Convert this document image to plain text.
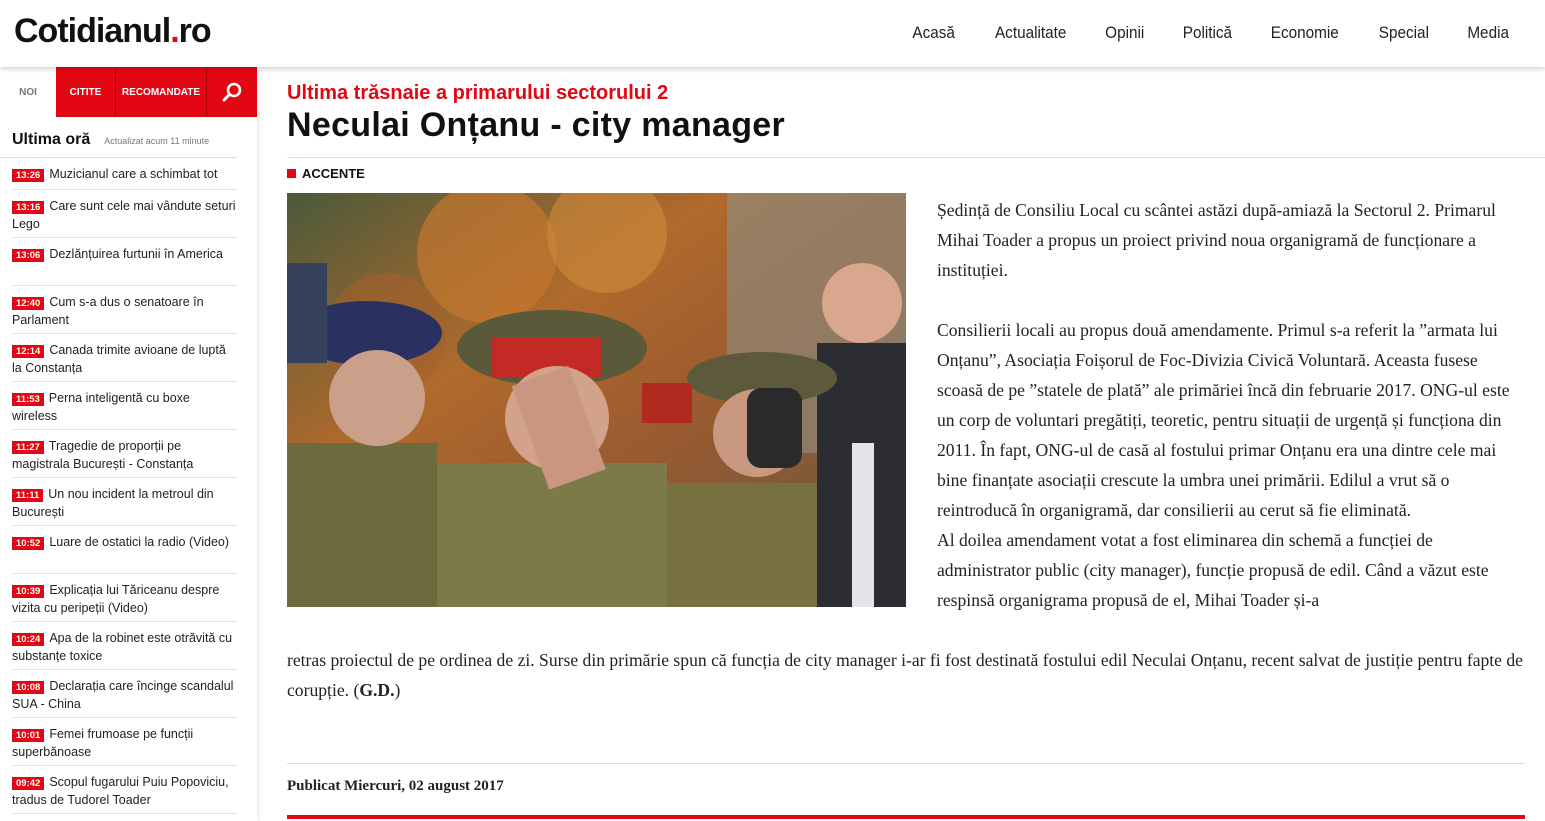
Cotidianul.ro	Acasă Actualitate Opinii Politică Economie Special Media
NOI	CITITE	RECOMANDATE
Ultima oră Actualizat acum 11 minute
13:26 Muzicianul care a schimbat tot
13:16 Care sunt cele mai vândute seturi Lego
13:06 Dezlănțuirea furtunii în America
12:40 Cum s-a dus o senatoare în Parlament
12:14 Canada trimite avioane de luptă la Constanța
11:53 Perna inteligentă cu boxe wireless
11:27 Tragedie de proporții pe magistrala București - Constanța
11:11 Un nou incident la metroul din București
10:52 Luare de ostatici la radio (Video)
10:39 Explicația lui Tăriceanu despre vizita cu peripeții (Video)
10:24 Apa de la robinet este otrăvită cu substanțe toxice
10:08 Declarația care încinge scandalul SUA - China
10:01 Femei frumoase pe funcții superbănoase
09:42 Scopul fugarului Puiu Popoviciu, tradus de Tudorel Toader
Ultima trăsnaie a primarului sectorului 2
Neculai Onțanu - city manager
ACCENTE

Ședință de Consiliu Local cu scântei astăzi după-amiază la Sectorul 2. Primarul Mihai Toader a propus un proiect privind noua organigramă de funcționare a instituției.

Consilierii locali au propus două amendamente. Primul s-a referit la ”armata lui Onțanu”, Asociația Foișorul de Foc-Divizia Civică Voluntară. Aceasta fusese scoasă de pe ”statele de plată” ale primăriei încă din februarie 2017. ONG-ul este un corp de voluntari pregătiți, teoretic, pentru situații de urgență și funcționa din 2011. În fapt, ONG-ul de casă al fostului primar Onțanu era una dintre cele mai bine finanțate asociații crescute la umbra unei primării. Edilul a vrut să o reintroducă în organigramă, dar consilierii au cerut să fie eliminată.

Al doilea amendament votat a fost eliminarea din schemă a funcției de administrator public (city manager), funcție propusă de edil. Când a văzut este respinsă organigrama propusă de el, Mihai Toader și-a

retras proiectul de pe ordinea de zi. Surse din primărie spun că funcția de city manager i-ar fi fost destinată fostului edil Neculai Onțanu, recent salvat de justiție pentru fapte de corupție. (G.D.)
Publicat Miercuri, 02 august 2017
